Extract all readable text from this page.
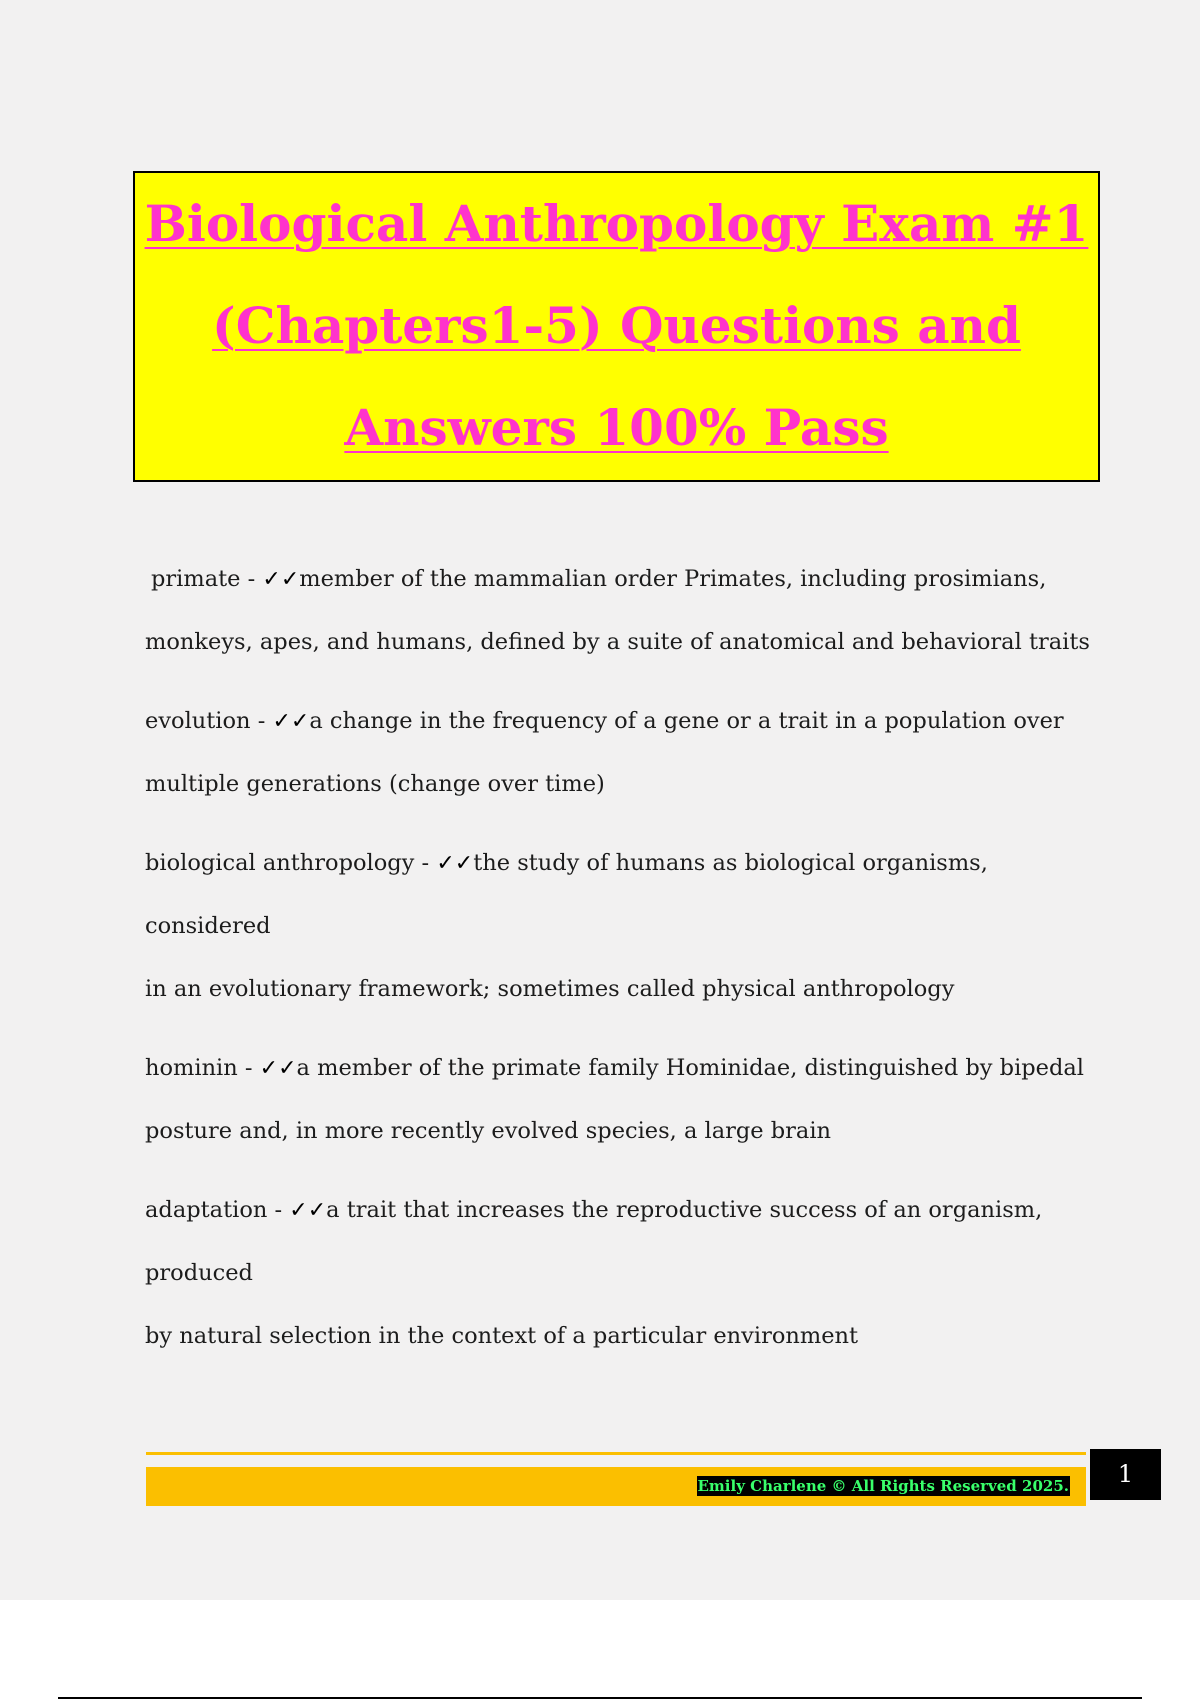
Biological Anthropology Exam #1
(Chapters1-5) Questions and
Answers 100% Pass
primate - ✓✓member of the mammalian order Primates, including prosimians,
monkeys, apes, and humans, defined by a suite of anatomical and behavioral traits
evolution - ✓✓a change in the frequency of a gene or a trait in a population over
multiple generations (change over time)
biological anthropology - ✓✓the study of humans as biological organisms, considered
in an evolutionary framework; sometimes called physical anthropology
hominin - ✓✓a member of the primate family Hominidae, distinguished by bipedal
posture and, in more recently evolved species, a large brain
adaptation - ✓✓a trait that increases the reproductive success of an organism, produced
by natural selection in the context of a particular environment
Emily Charlene © All Rights Reserved 2025.	1
